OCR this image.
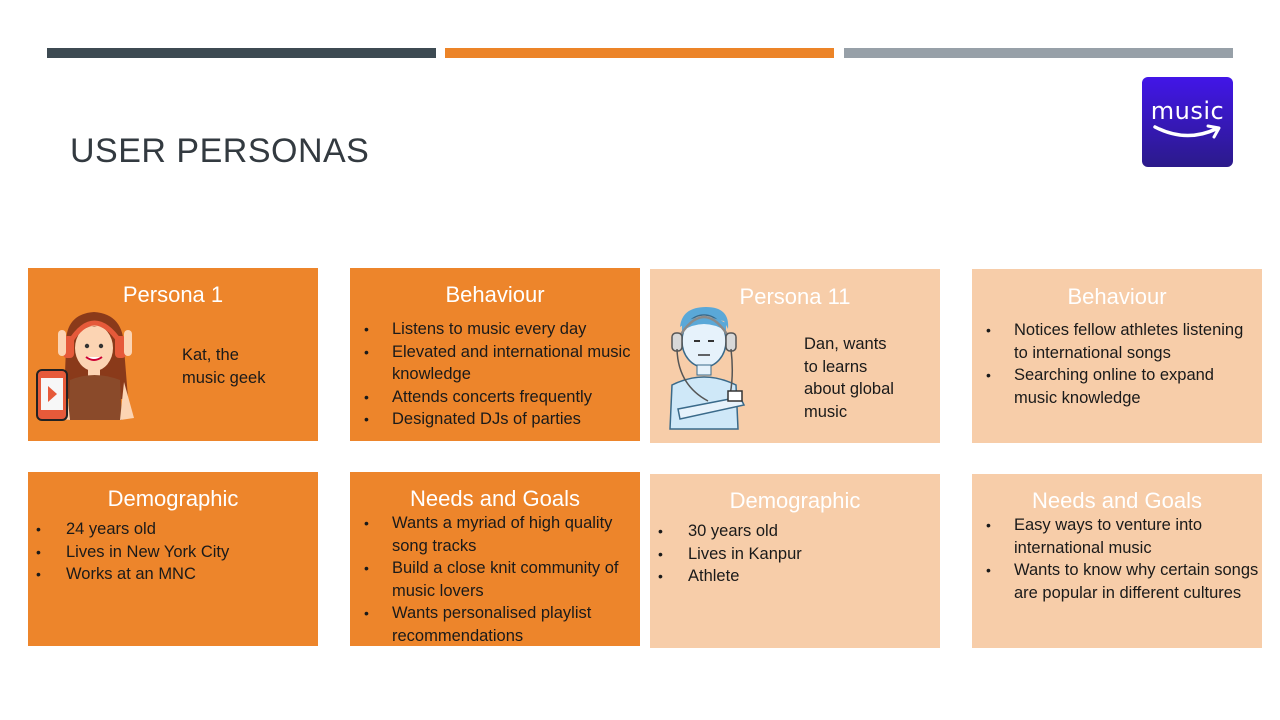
USER PERSONAS
music
Persona 1
Kat, the
music geek
Behaviour
• Listens to music every day
• Elevated and international music knowledge
• Attends concerts frequently
• Designated DJs of parties
Persona 11
Dan, wants
to learns
about global
music
Behaviour
• Notices fellow athletes listening to international songs
• Searching online to expand music knowledge
Demographic
• 24 years old
• Lives in New York City
• Works at an MNC
Needs and Goals
• Wants a myriad of high quality song tracks
• Build a close knit community of music lovers
• Wants personalised playlist recommendations
Demographic
• 30 years old
• Lives in Kanpur
• Athlete
Needs and Goals
• Easy ways to venture into international music
• Wants to know why certain songs are popular in different cultures
